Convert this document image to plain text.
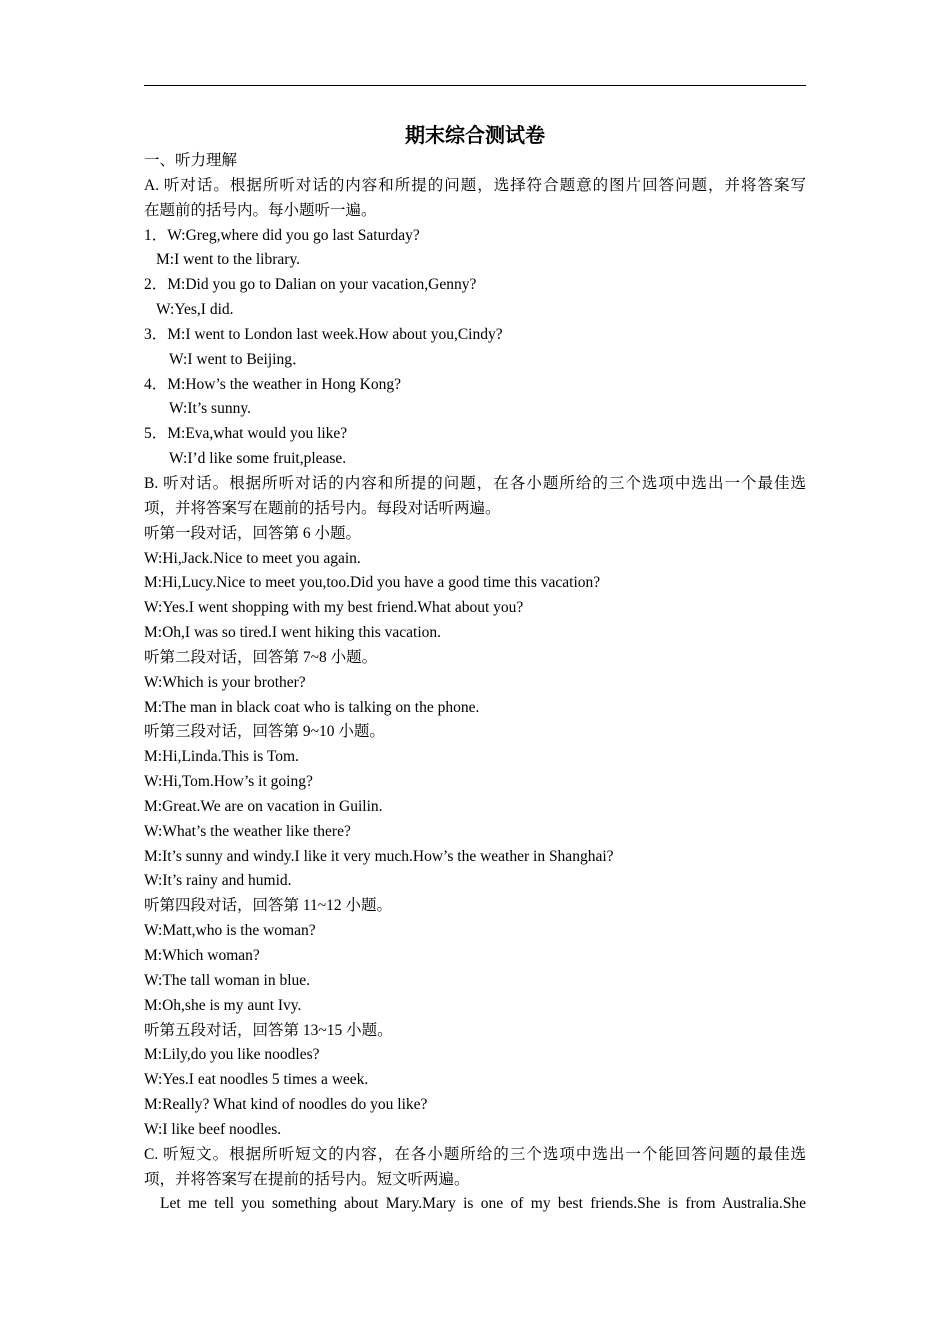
期末综合测试卷
一、听力理解
A. 听对话。根据所听对话的内容和所提的问题，选择符合题意的图片回答问题，并将答案写
在题前的括号内。每小题听一遍。
1．W:Greg,where did you go last Saturday?
M:I went to the library.
2．M:Did you go to Dalian on your vacation,Genny?
W:Yes,I did.
3．M:I went to London last week.How about you,Cindy?
W:I went to Beijing．
4．M:How’s the weather in Hong Kong?
W:It’s sunny.
5．M:Eva,what would you like?
W:I’d like some fruit,please.
B. 听对话。根据所听对话的内容和所提的问题，在各小题所给的三个选项中选出一个最佳选
项，并将答案写在题前的括号内。每段对话听两遍。
听第一段对话，回答第 6 小题。
W:Hi,Jack.Nice to meet you again.
M:Hi,Lucy.Nice to meet you,too.Did you have a good time this vacation?
W:Yes.I went shopping with my best friend.What about you?
M:Oh,I was so tired.I went hiking this vacation.
听第二段对话，回答第 7~8 小题。
W:Which is your brother?
M:The man in black coat who is talking on the phone.
听第三段对话，回答第 9~10 小题。
M:Hi,Linda.This is Tom.
W:Hi,Tom.How’s it going?
M:Great.We are on vacation in Guilin.
W:What’s the weather like there?
M:It’s sunny and windy.I like it very much.How’s the weather in Shanghai?
W:It’s rainy and humid.
听第四段对话，回答第 11~12 小题。
W:Matt,who is the woman?
M:Which woman?
W:The tall woman in blue.
M:Oh,she is my aunt Ivy.
听第五段对话，回答第 13~15 小题。
M:Lily,do you like noodles?
W:Yes.I eat noodles 5 times a week.
M:Really? What kind of noodles do you like?
W:I like beef noodles.
C. 听短文。根据所听短文的内容，在各小题所给的三个选项中选出一个能回答问题的最佳选
项，并将答案写在提前的括号内。短文听两遍。
Let me tell you something about Mary.Mary is one of my best friends.She is from Australia.She
